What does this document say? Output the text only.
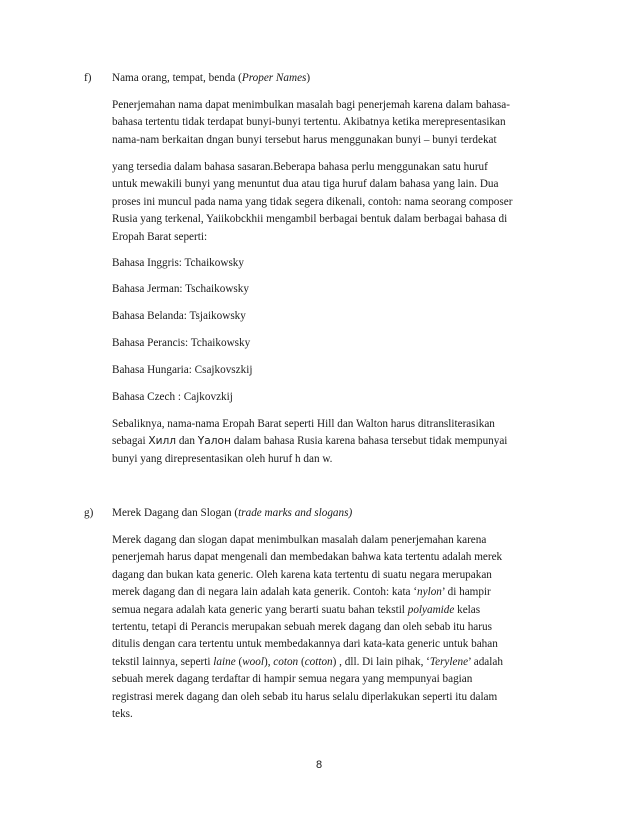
f)	Nama orang, tempat, benda (Proper Names)
Penerjemahan nama dapat menimbulkan masalah bagi penerjemah karena dalam bahasa-
bahasa tertentu tidak terdapat bunyi-bunyi tertentu. Akibatnya ketika merepresentasikan
nama-nam berkaitan dngan bunyi tersebut harus menggunakan bunyi – bunyi terdekat
yang tersedia dalam bahasa sasaran.Beberapa bahasa perlu menggunakan satu huruf
untuk mewakili bunyi yang menuntut dua atau tiga huruf dalam bahasa yang lain. Dua
proses ini muncul pada nama yang tidak segera dikenali, contoh: nama seorang composer
Rusia yang terkenal, Yaiikobckhii mengambil berbagai bentuk dalam berbagai bahasa di
Eropah Barat seperti:
Bahasa Inggris: Tchaikowsky
Bahasa Jerman: Tschaikowsky
Bahasa Belanda: Tsjaikowsky
Bahasa Perancis: Tchaikowsky
Bahasa Hungaria: Csajkovszkij
Bahasa Czech : Cajkovzkij
Sebaliknya, nama-nama Eropah Barat seperti Hill dan Walton harus ditransliterasikan
sebagai Хилл dan Υалон dalam bahasa Rusia karena bahasa tersebut tidak mempunyai
bunyi yang direpresentasikan oleh huruf h dan w.
g)	Merek Dagang dan Slogan (trade marks and slogans)
Merek dagang dan slogan dapat menimbulkan masalah dalam penerjemahan karena
penerjemah harus dapat mengenali dan membedakan bahwa kata tertentu adalah merek
dagang dan bukan kata generic. Oleh karena kata tertentu di suatu negara merupakan
merek dagang dan di negara lain adalah kata generik. Contoh: kata ‘nylon’ di hampir
semua negara adalah kata generic yang berarti suatu bahan tekstil polyamide kelas
tertentu, tetapi di Perancis merupakan sebuah merek dagang dan oleh sebab itu harus
ditulis dengan cara tertentu untuk membedakannya dari kata-kata generic untuk bahan
tekstil lainnya, seperti laine (wool), coton (cotton) , dll. Di lain pihak, ‘Terylene’ adalah
sebuah merek dagang terdaftar di hampir semua negara yang mempunyai bagian
registrasi merek dagang dan oleh sebab itu harus selalu diperlakukan seperti itu dalam
teks.
8
